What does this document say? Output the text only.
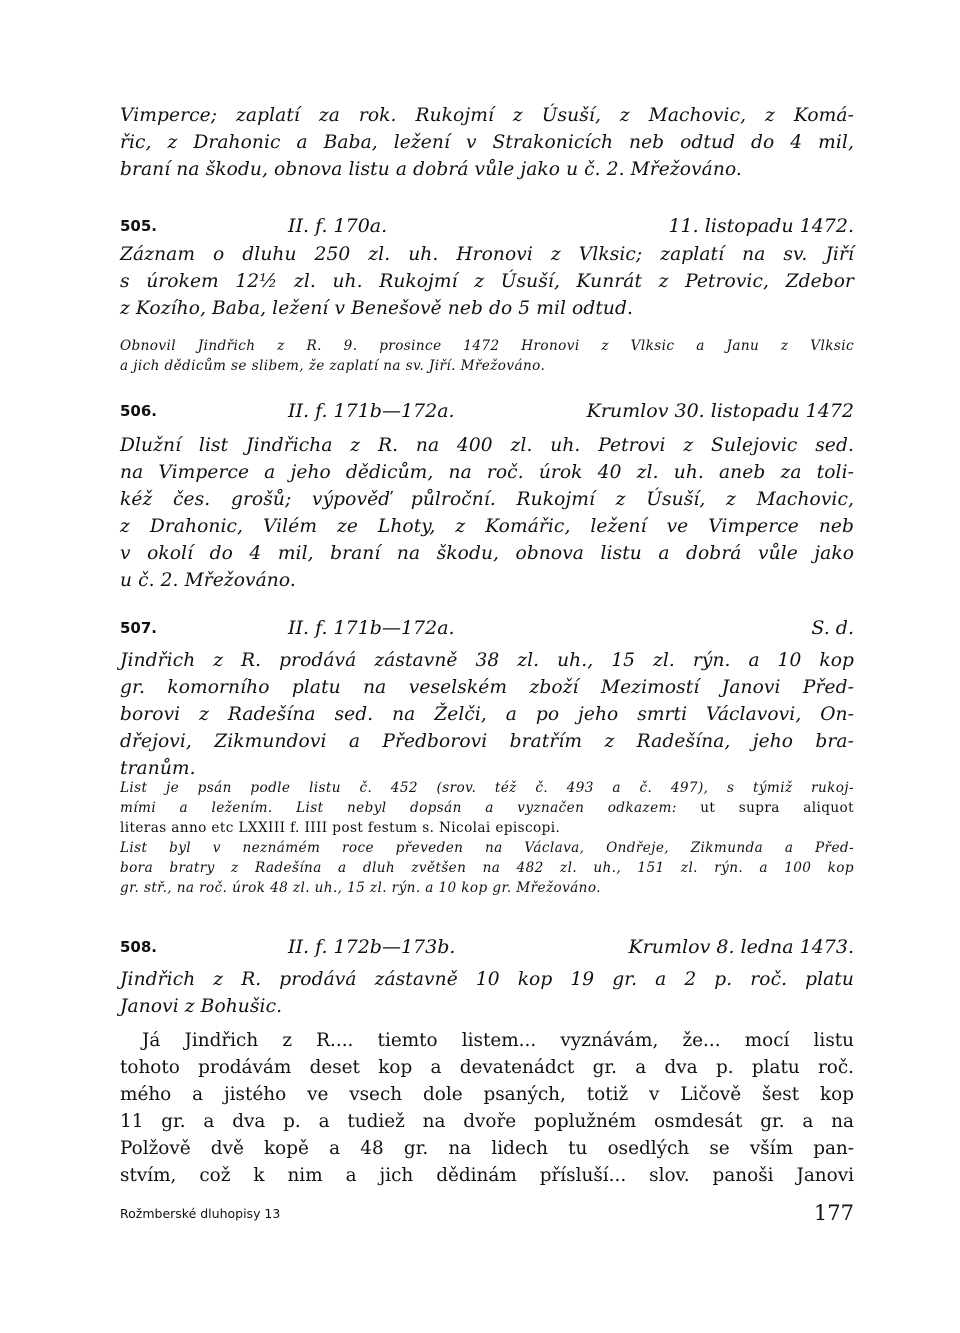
Vimperce; zaplatí za rok. Rukojmí z Úsuší, z Machovic, z Komá-
řic, z Drahonic a Baba, ležení v Strakonicích neb odtud do 4 mil,
braní na škodu, obnova listu a dobrá vůle jako u č. 2. Mřežováno.
505.	II. f. 170a.	11. listopadu 1472.
Záznam o dluhu 250 zl. uh. Hronovi z Vlksic; zaplatí na sv. Jiří
s úrokem 12½ zl. uh. Rukojmí z Úsuší, Kunrát z Petrovic, Zdebor
z Kozího, Baba, ležení v Benešově neb do 5 mil odtud.
Obnovil Jindřich z R. 9. prosince 1472 Hronovi z Vlksic a Janu z Vlksic
a jich dědicům se slibem, že zaplatí na sv. Jiří. Mřežováno.
506.	II. f. 171b—172a.	Krumlov 30. listopadu 1472
Dlužní list Jindřicha z R. na 400 zl. uh. Petrovi z Sulejovic sed.
na Vimperce a jeho dědicům, na roč. úrok 40 zl. uh. aneb za toli-
kéž čes. grošů; výpověď půlroční. Rukojmí z Úsuší, z Machovic,
z Drahonic, Vilém ze Lhoty, z Komářic, ležení ve Vimperce neb
v okolí do 4 mil, braní na škodu, obnova listu a dobrá vůle jako
u č. 2. Mřežováno.
507.	II. f. 171b—172a.	S. d.
Jindřich z R. prodává zástavně 38 zl. uh., 15 zl. rýn. a 10 kop
gr. komorního platu na veselském zboží Mezimostí Janovi Před-
borovi z Radešína sed. na Želči, a po jeho smrti Václavovi, On-
dřejovi, Zikmundovi a Předborovi bratřím z Radešína, jeho bra-
tranům.
List je psán podle listu č. 452 (srov. též č. 493 a č. 497), s týmiž rukoj-
mími a ležením. List nebyl dopsán a vyznačen odkazem: ut supra aliquot
literas anno etc LXXIII f. IIII post festum s. Nicolai episcopi.
List byl v neznámém roce převeden na Václava, Ondřeje, Zikmunda a Před-
bora bratry z Radešína a dluh zvětšen na 482 zl. uh., 151 zl. rýn. a 100 kop
gr. stř., na roč. úrok 48 zl. uh., 15 zl. rýn. a 10 kop gr. Mřežováno.
508.	II. f. 172b—173b.	Krumlov 8. ledna 1473.
Jindřich z R. prodává zástavně 10 kop 19 gr. a 2 p. roč. platu
Janovi z Bohušic.
Já Jindřich z R.... tiemto listem... vyznávám, že... mocí listu
tohoto prodávám deset kop a devatenádct gr. a dva p. platu roč.
mého a jistého ve vsech dole psaných, totiž v Ličově šest kop
11 gr. a dva p. a tudiež na dvoře poplužném osmdesát gr. a na
Polžově dvě kopě a 48 gr. na lidech tu osedlých se vším pan-
stvím, což k nim a jich dědinám přísluší... slov. panoši Janovi
Rožmberské dluhopisy 13	177
